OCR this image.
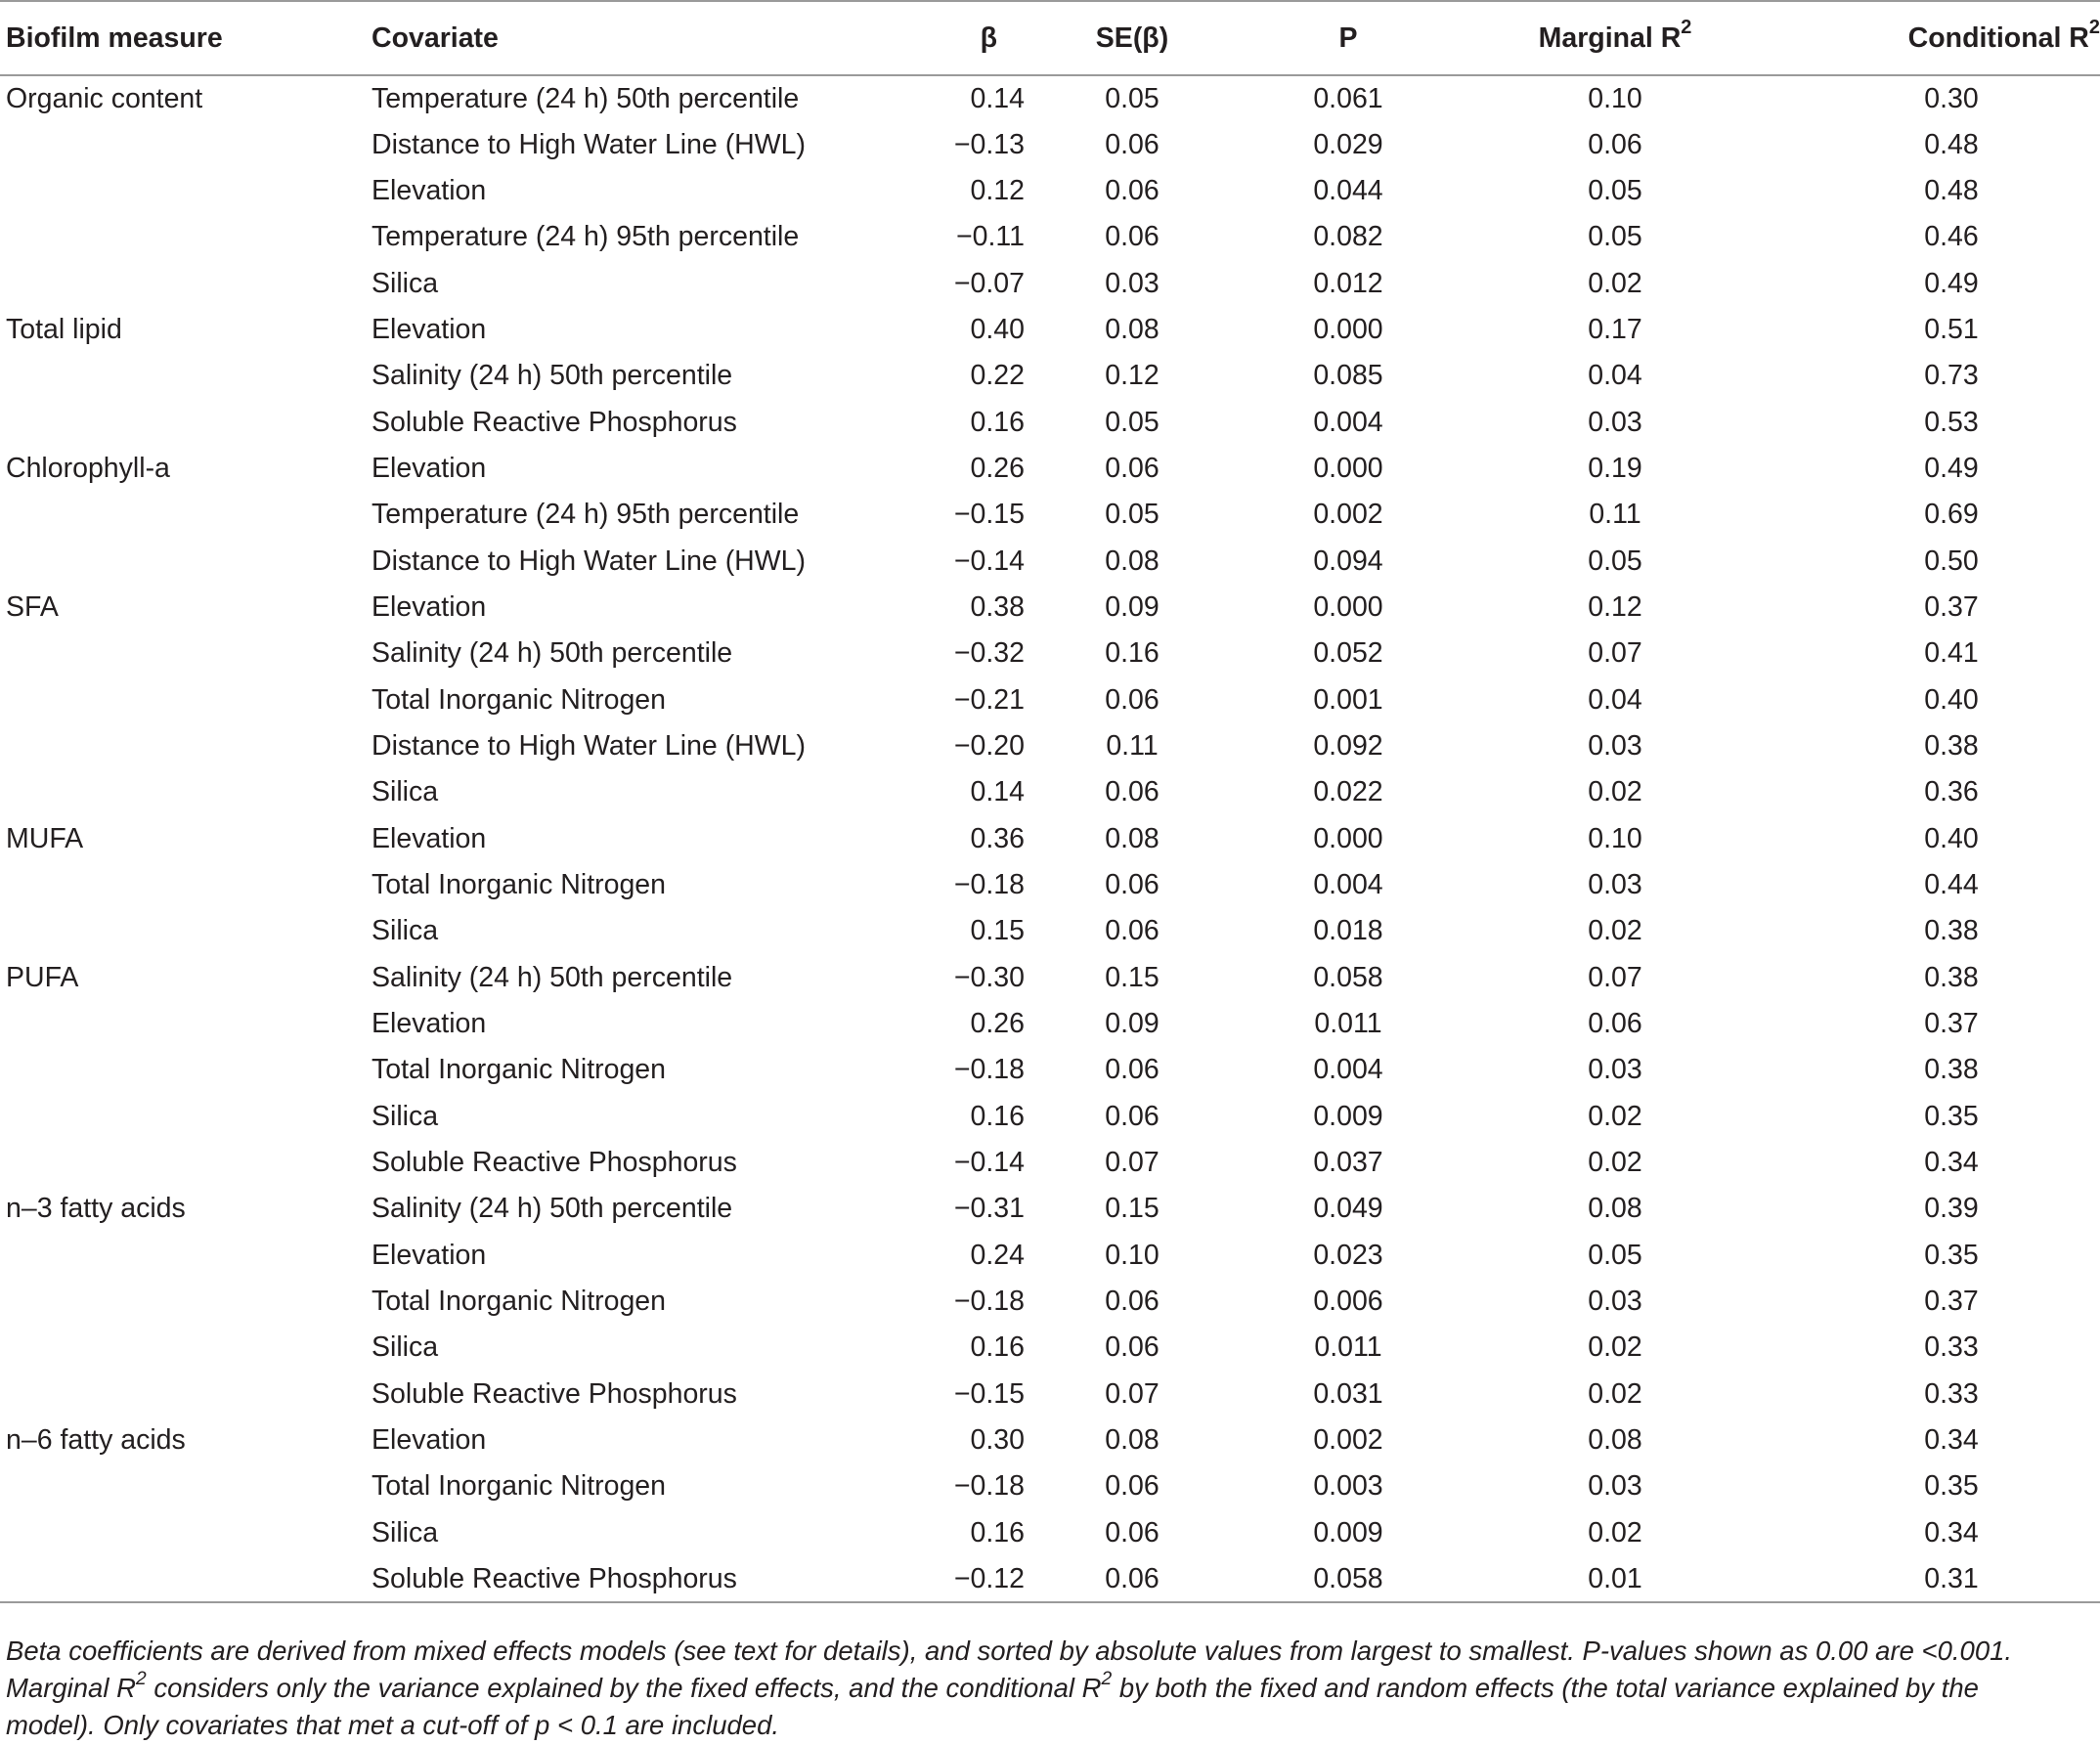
Biofilm measure	Covariate	β	SE(β)	P	Marginal $R^2$	Conditional $R^2$
Organic content	Temperature (24 h) 50th percentile	0.14	0.05	0.061	0.10	0.30
	Distance to High Water Line (HWL)	−0.13	0.06	0.029	0.06	0.48
	Elevation	0.12	0.06	0.044	0.05	0.48
	Temperature (24 h) 95th percentile	−0.11	0.06	0.082	0.05	0.46
	Silica	−0.07	0.03	0.012	0.02	0.49
Total lipid	Elevation	0.40	0.08	0.000	0.17	0.51
	Salinity (24 h) 50th percentile	0.22	0.12	0.085	0.04	0.73
	Soluble Reactive Phosphorus	0.16	0.05	0.004	0.03	0.53
Chlorophyll-a	Elevation	0.26	0.06	0.000	0.19	0.49
	Temperature (24 h) 95th percentile	−0.15	0.05	0.002	0.11	0.69
	Distance to High Water Line (HWL)	−0.14	0.08	0.094	0.05	0.50
SFA	Elevation	0.38	0.09	0.000	0.12	0.37
	Salinity (24 h) 50th percentile	−0.32	0.16	0.052	0.07	0.41
	Total Inorganic Nitrogen	−0.21	0.06	0.001	0.04	0.40
	Distance to High Water Line (HWL)	−0.20	0.11	0.092	0.03	0.38
	Silica	0.14	0.06	0.022	0.02	0.36
MUFA	Elevation	0.36	0.08	0.000	0.10	0.40
	Total Inorganic Nitrogen	−0.18	0.06	0.004	0.03	0.44
	Silica	0.15	0.06	0.018	0.02	0.38
PUFA	Salinity (24 h) 50th percentile	−0.30	0.15	0.058	0.07	0.38
	Elevation	0.26	0.09	0.011	0.06	0.37
	Total Inorganic Nitrogen	−0.18	0.06	0.004	0.03	0.38
	Silica	0.16	0.06	0.009	0.02	0.35
	Soluble Reactive Phosphorus	−0.14	0.07	0.037	0.02	0.34
n–3 fatty acids	Salinity (24 h) 50th percentile	−0.31	0.15	0.049	0.08	0.39
	Elevation	0.24	0.10	0.023	0.05	0.35
	Total Inorganic Nitrogen	−0.18	0.06	0.006	0.03	0.37
	Silica	0.16	0.06	0.011	0.02	0.33
	Soluble Reactive Phosphorus	−0.15	0.07	0.031	0.02	0.33
n–6 fatty acids	Elevation	0.30	0.08	0.002	0.08	0.34
	Total Inorganic Nitrogen	−0.18	0.06	0.003	0.03	0.35
	Silica	0.16	0.06	0.009	0.02	0.34
	Soluble Reactive Phosphorus	−0.12	0.06	0.058	0.01	0.31
Beta coefficients are derived from mixed effects models (see text for details), and sorted by absolute values from largest to smallest. P-values shown as 0.00 are <0.001.
Marginal $R^2$ considers only the variance explained by the fixed effects, and the conditional $R^2$ by both the fixed and random effects (the total variance explained by the
model). Only covariates that met a cut-off of p < 0.1 are included.
